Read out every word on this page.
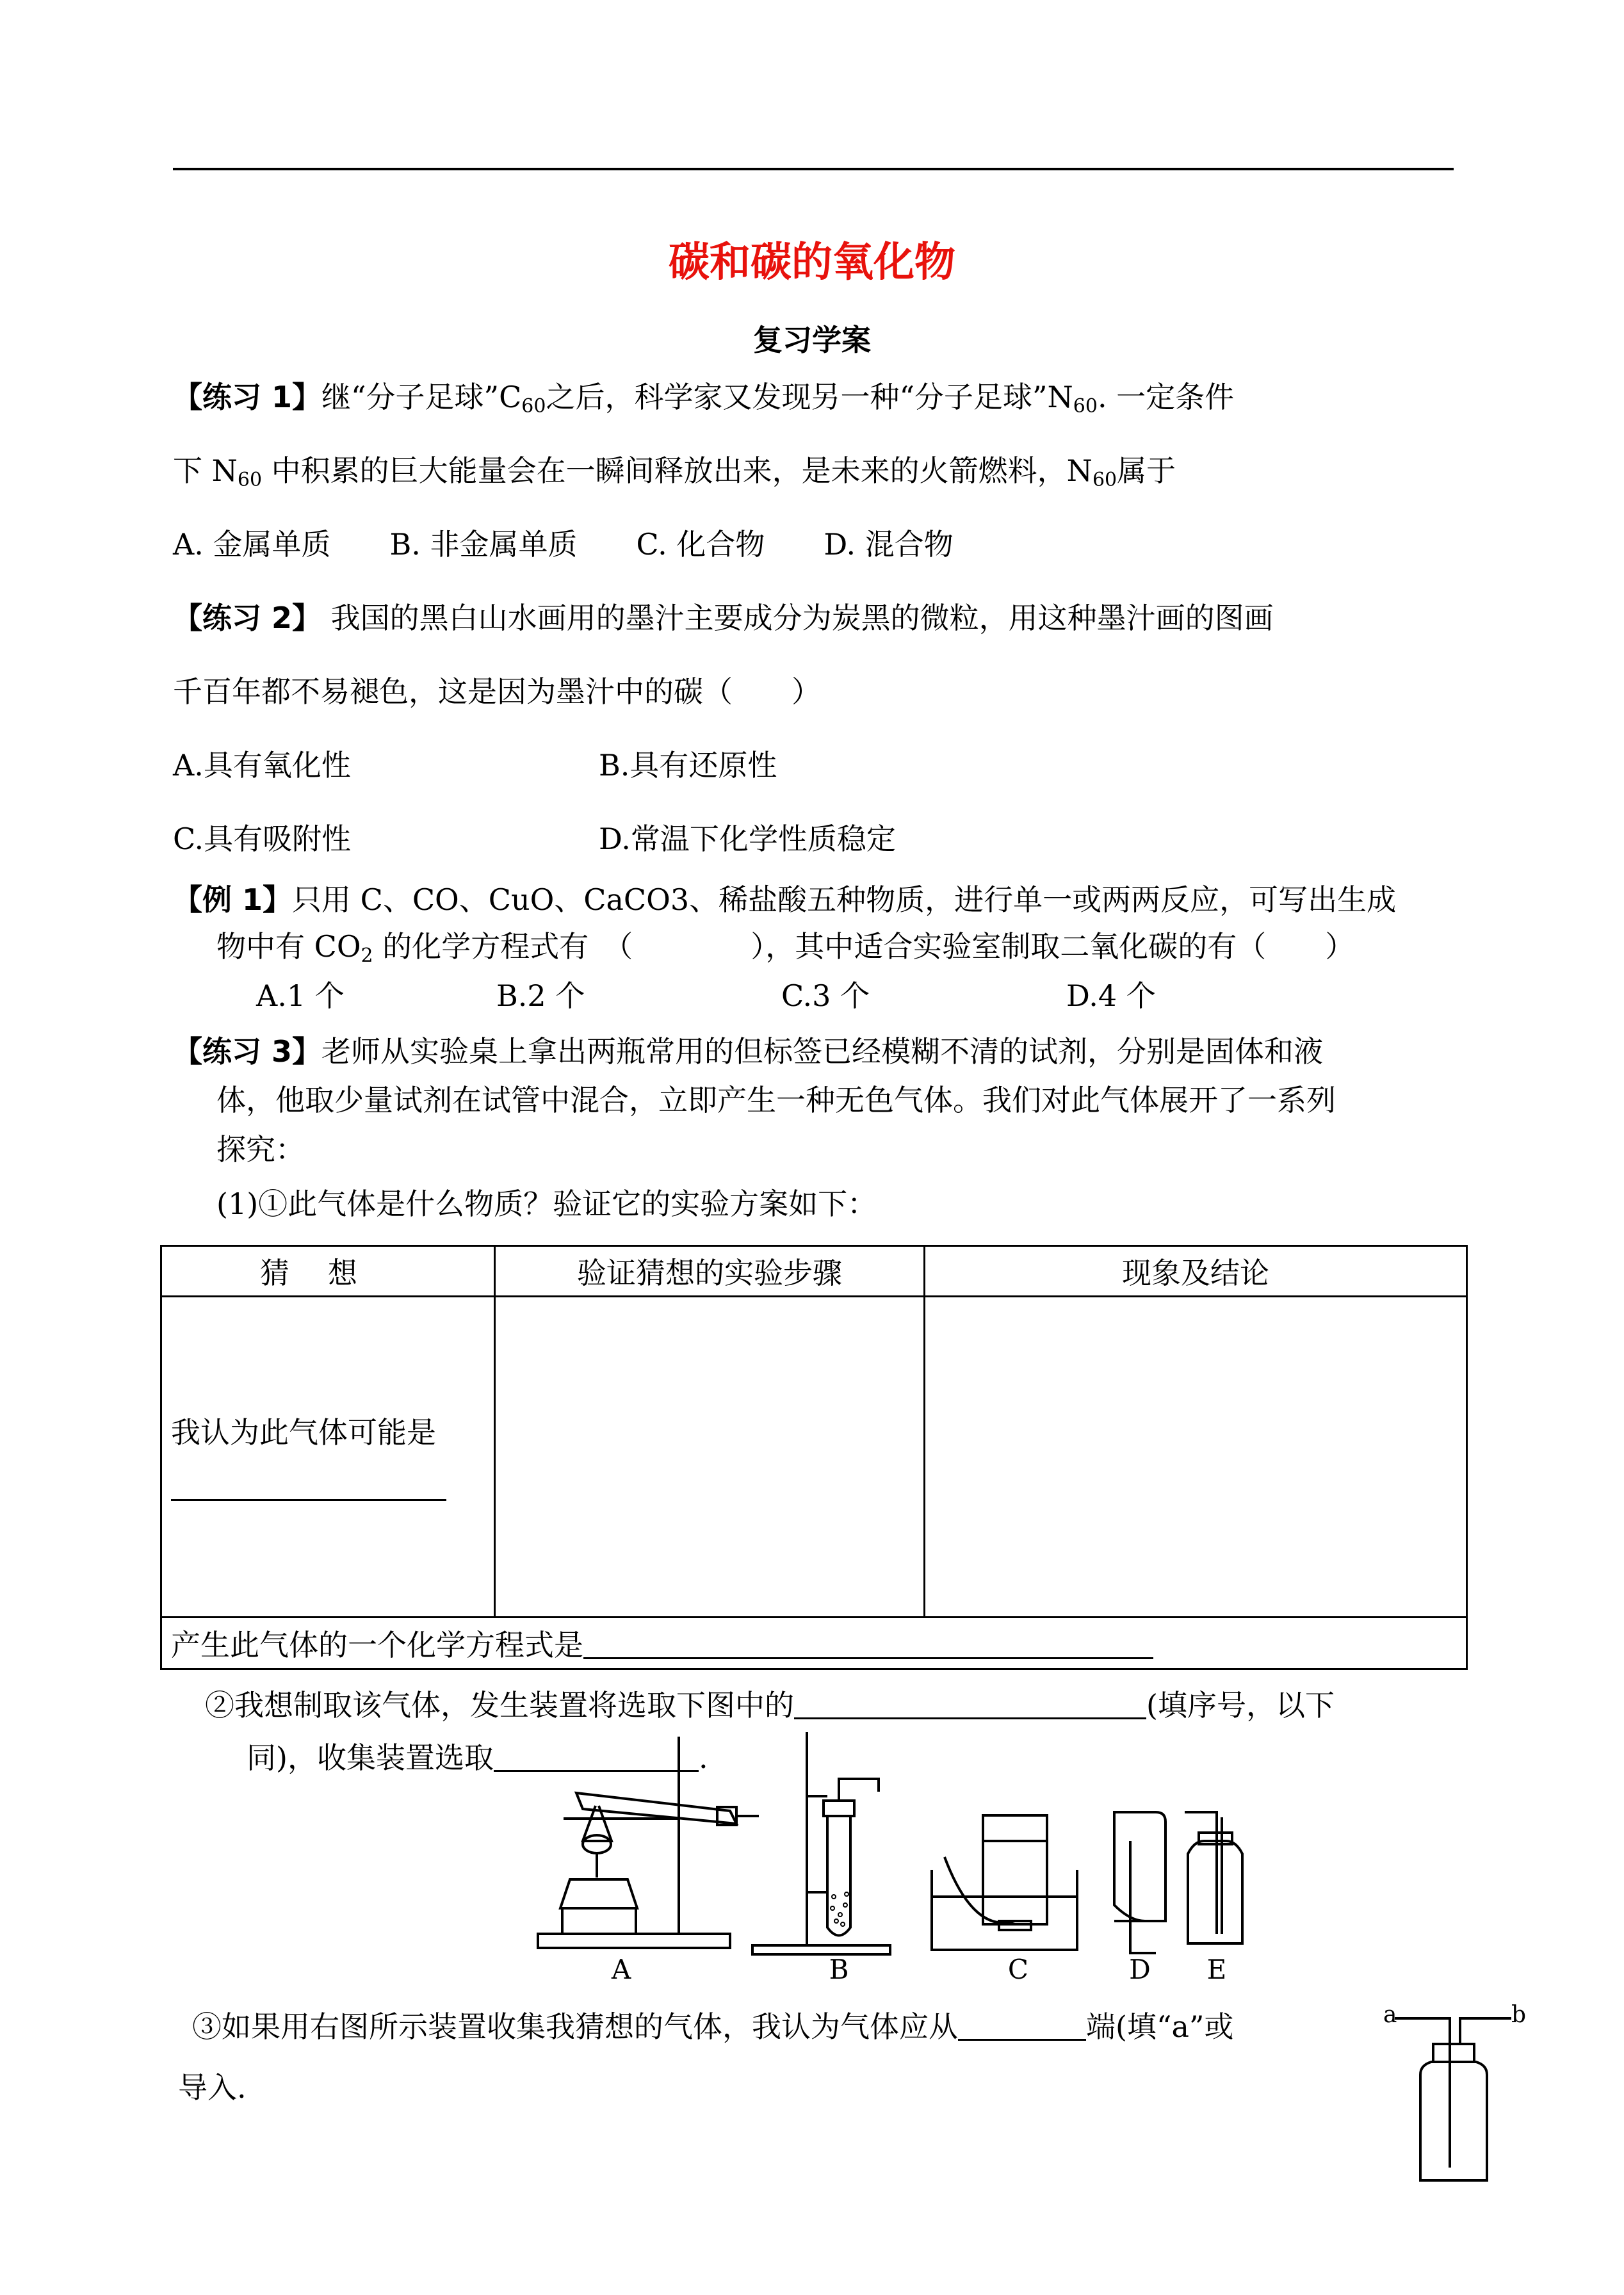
碳和碳的氧化物
复习学案
【练习 1】继“分子足球$”C_{60}$之后，科学家又发现另一种“分子足球$”N_{60}$. 一定条件
下 $N_{60}$ 中积累的巨大能量会在一瞬间释放出来，是未来的火箭燃料，$N_{60}$属于
A. 金属单质　　B. 非金属单质　　C. 化合物　　D. 混合物
【练习 2】 我国的黑白山水画用的墨汁主要成分为炭黑的微粒，用这种墨汁画的图画
千百年都不易褪色，这是因为墨汁中的碳（　　）
A.具有氧化性	B.具有还原性
C.具有吸附性	D.常温下化学性质稳定
【例 1】只用 C、CO、CuO、CaCO3、稀盐酸五种物质，进行单一或两两反应，可写出生成
物中有 $CO_2$ 的化学方程式有　（　　　　），其中适合实验室制取二氧化碳的有（　　）
A.1 个	B.2 个	C.3 个	D.4 个
【练习 3】老师从实验桌上拿出两瓶常用的但标签已经模糊不清的试剂，分别是固体和液
体，他取少量试剂在试管中混合，立即产生一种无色气体。我们对此气体展开了一系列
探究：
(1)①此气体是什么物质？验证它的实验方案如下：
猜想	验证猜想的实验步骤	现象及结论

我认为此气体可能是		

产生此气体的一个化学方程式是		
②我想制取该气体，发生装置将选取下图中的	(填序号，以下
同)，收集装置选取	.
A	B	C	D E
③如果用右图所示装置收集我猜想的气体，我认为气体应从	端(填“a”或
导入.
a	b
